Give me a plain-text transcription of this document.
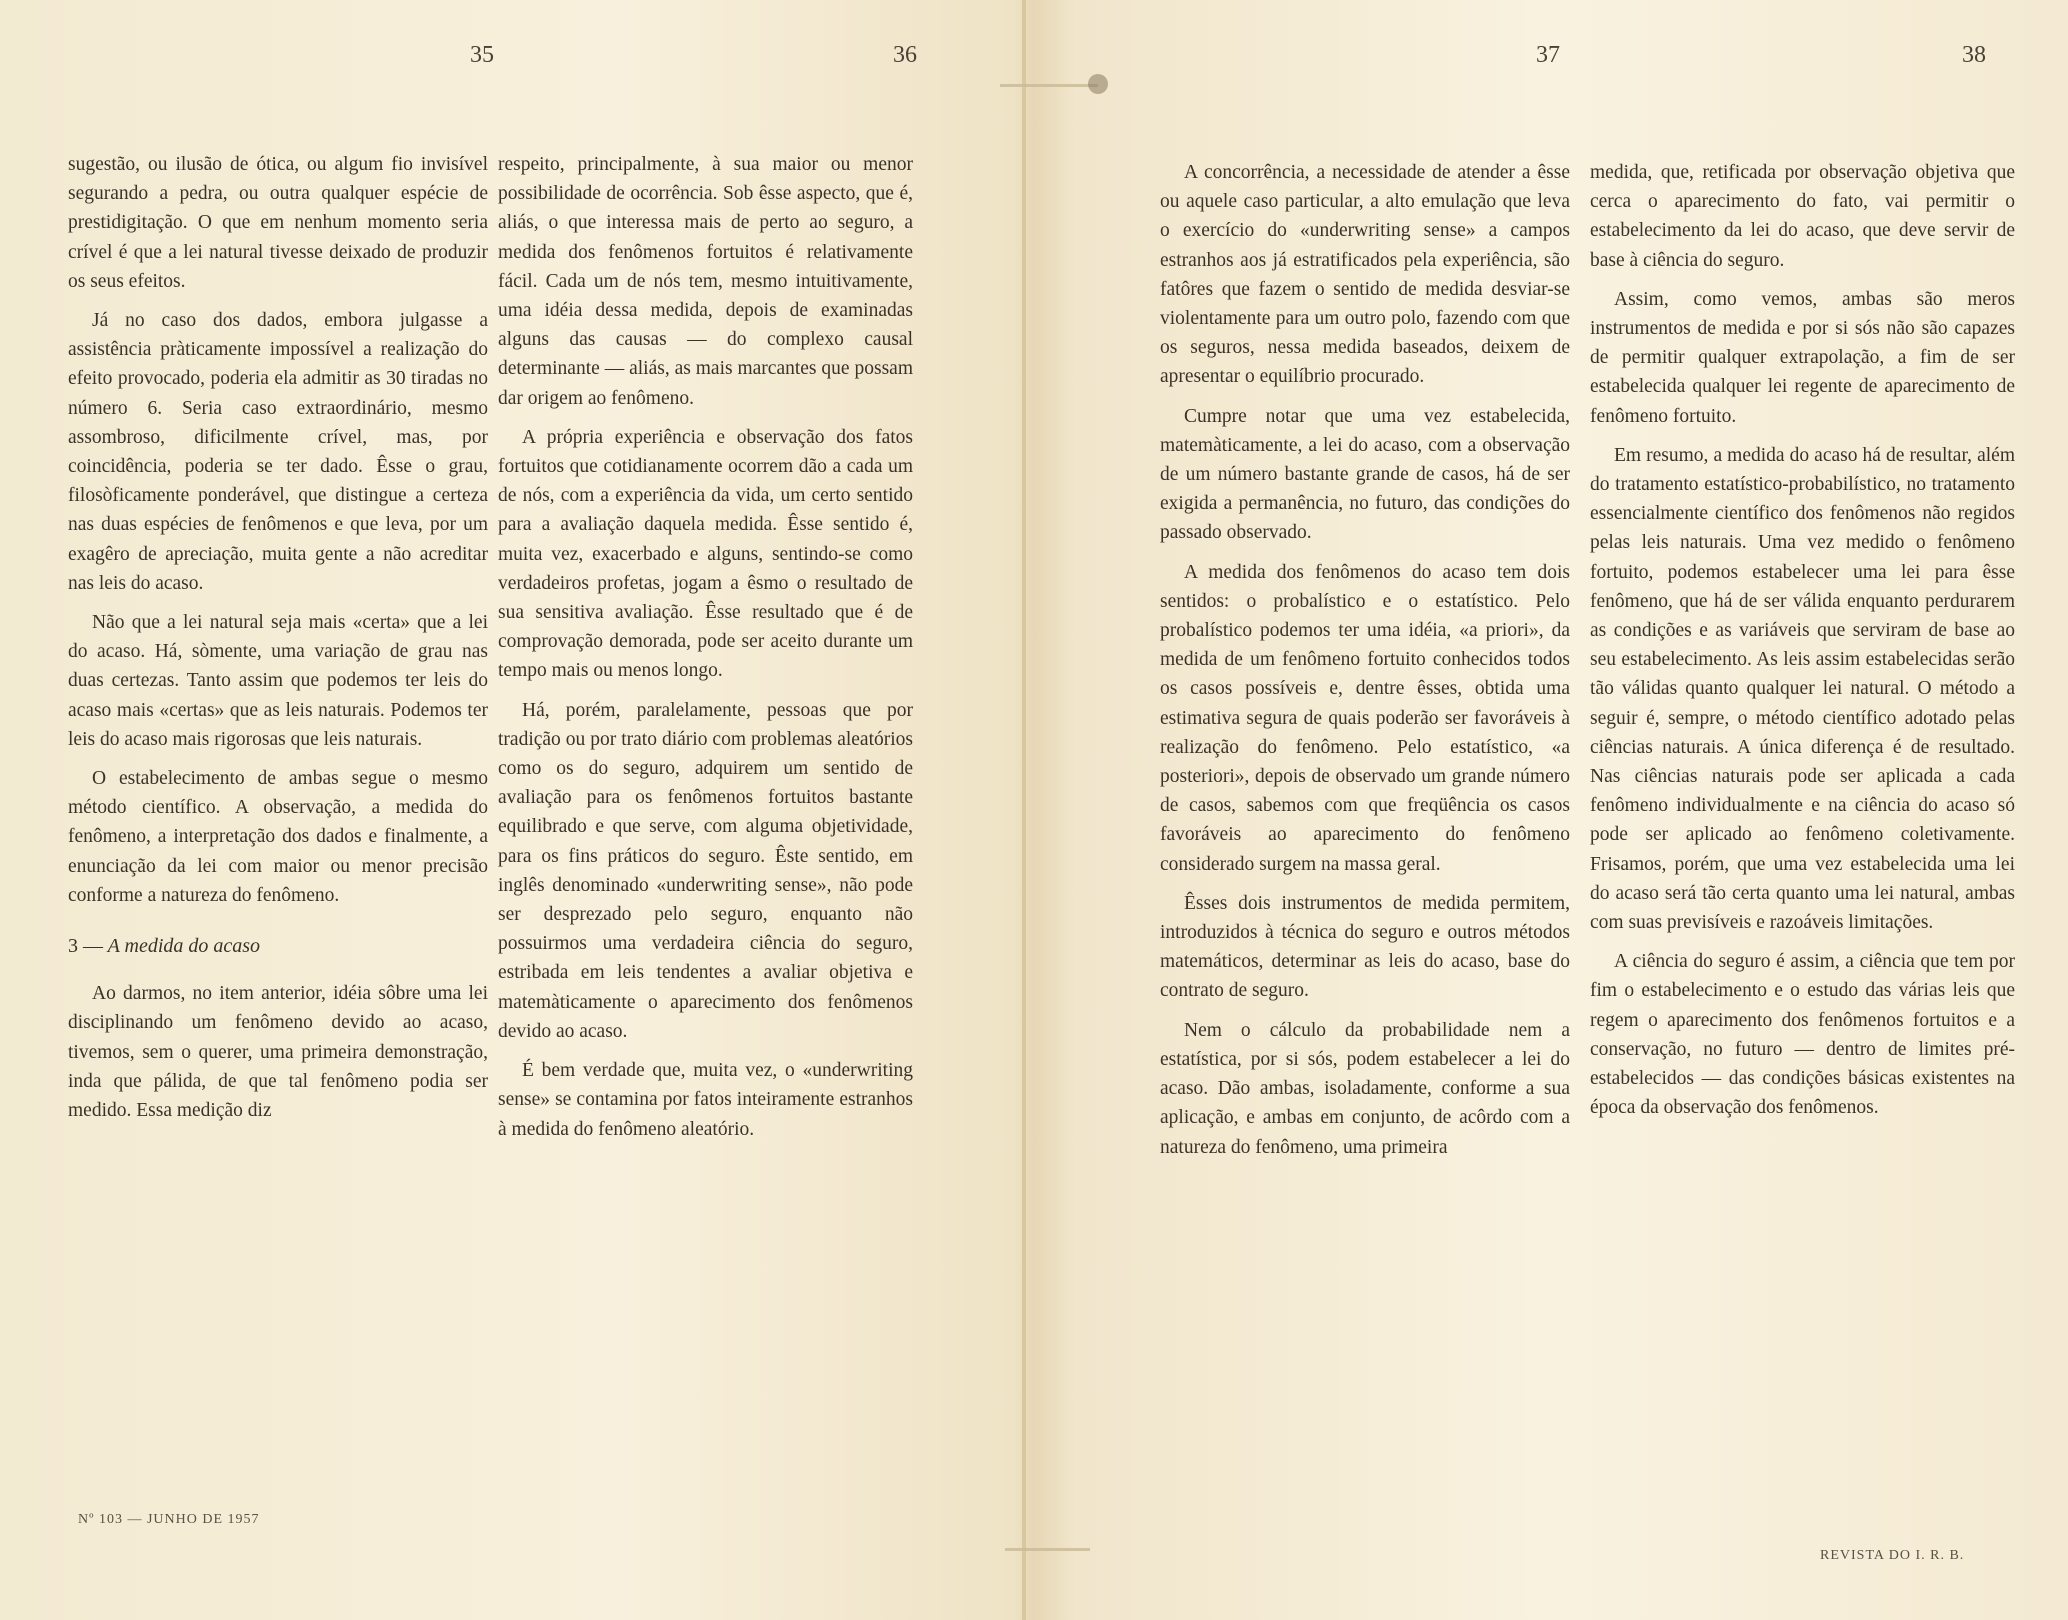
35	36	37	38

sugestão, ou ilusão de ótica, ou algum fio invisível segurando a pedra, ou outra qualquer espécie de prestidigitação. O que em nenhum momento seria crível é que a lei natural tivesse deixado de produzir os seus efeitos.

Já no caso dos dados, embora julgasse a assistência pràticamente impossível a realização do efeito provocado, poderia ela admitir as 30 tiradas no número 6. Seria caso extraordinário, mesmo assombroso, dificilmente crível, mas, por coincidência, poderia se ter dado. Êsse o grau, filosòficamente ponderável, que distingue a certeza nas duas espécies de fenômenos e que leva, por um exagêro de apreciação, muita gente a não acreditar nas leis do acaso.

Não que a lei natural seja mais «certa» que a lei do acaso. Há, sòmente, uma variação de grau nas duas certezas. Tanto assim que podemos ter leis do acaso mais «certas» que as leis naturais. Podemos ter leis do acaso mais rigorosas que leis naturais.

O estabelecimento de ambas segue o mesmo método científico. A observação, a medida do fenômeno, a interpretação dos dados e finalmente, a enunciação da lei com maior ou menor precisão conforme a natureza do fenômeno.

3 — A medida do acaso

Ao darmos, no item anterior, idéia sôbre uma lei disciplinando um fenômeno devido ao acaso, tivemos, sem o querer, uma primeira demonstração, inda que pálida, de que tal fenômeno podia ser medido. Essa medição diz

respeito, principalmente, à sua maior ou menor possibilidade de ocorrência. Sob êsse aspecto, que é, aliás, o que interessa mais de perto ao seguro, a medida dos fenômenos fortuitos é relativamente fácil. Cada um de nós tem, mesmo intuitivamente, uma idéia dessa medida, depois de examinadas alguns das causas — do complexo causal determinante — aliás, as mais marcantes que possam dar origem ao fenômeno.

A própria experiência e observação dos fatos fortuitos que cotidianamente ocorrem dão a cada um de nós, com a experiência da vida, um certo sentido para a avaliação daquela medida. Êsse sentido é, muita vez, exacerbado e alguns, sentindo-se como verdadeiros profetas, jogam a êsmo o resultado de sua sensitiva avaliação. Êsse resultado que é de comprovação demorada, pode ser aceito durante um tempo mais ou menos longo.

Há, porém, paralelamente, pessoas que por tradição ou por trato diário com problemas aleatórios como os do seguro, adquirem um sentido de avaliação para os fenômenos fortuitos bastante equilibrado e que serve, com alguma objetividade, para os fins práticos do seguro. Êste sentido, em inglês denominado «underwriting sense», não pode ser desprezado pelo seguro, enquanto não possuirmos uma verdadeira ciência do seguro, estribada em leis tendentes a avaliar objetiva e matemàticamente o aparecimento dos fenômenos devido ao acaso.

É bem verdade que, muita vez, o «underwriting sense» se contamina por fatos inteiramente estranhos à medida do fenômeno aleatório.

A concorrência, a necessidade de atender a êsse ou aquele caso particular, a alto emulação que leva o exercício do «underwriting sense» a campos estranhos aos já estratificados pela experiência, são fatôres que fazem o sentido de medida desviar-se violentamente para um outro polo, fazendo com que os seguros, nessa medida baseados, deixem de apresentar o equilíbrio procurado.

Cumpre notar que uma vez estabelecida, matemàticamente, a lei do acaso, com a observação de um número bastante grande de casos, há de ser exigida a permanência, no futuro, das condições do passado observado.

A medida dos fenômenos do acaso tem dois sentidos: o probalístico e o estatístico. Pelo probalístico podemos ter uma idéia, «a priori», da medida de um fenômeno fortuito conhecidos todos os casos possíveis e, dentre êsses, obtida uma estimativa segura de quais poderão ser favoráveis à realização do fenômeno. Pelo estatístico, «a posteriori», depois de observado um grande número de casos, sabemos com que freqüência os casos favoráveis ao aparecimento do fenômeno considerado surgem na massa geral.

Êsses dois instrumentos de medida permitem, introduzidos à técnica do seguro e outros métodos matemáticos, determinar as leis do acaso, base do contrato de seguro.

Nem o cálculo da probabilidade nem a estatística, por si sós, podem estabelecer a lei do acaso. Dão ambas, isoladamente, conforme a sua aplicação, e ambas em conjunto, de acôrdo com a natureza do fenômeno, uma primeira

medida, que, retificada por observação objetiva que cerca o aparecimento do fato, vai permitir o estabelecimento da lei do acaso, que deve servir de base à ciência do seguro.

Assim, como vemos, ambas são meros instrumentos de medida e por si sós não são capazes de permitir qualquer extrapolação, a fim de ser estabelecida qualquer lei regente de aparecimento de fenômeno fortuito.

Em resumo, a medida do acaso há de resultar, além do tratamento estatístico-probabilístico, no tratamento essencialmente científico dos fenômenos não regidos pelas leis naturais. Uma vez medido o fenômeno fortuito, podemos estabelecer uma lei para êsse fenômeno, que há de ser válida enquanto perdurarem as condições e as variáveis que serviram de base ao seu estabelecimento. As leis assim estabelecidas serão tão válidas quanto qualquer lei natural. O método a seguir é, sempre, o método científico adotado pelas ciências naturais. A única diferença é de resultado. Nas ciências naturais pode ser aplicada a cada fenômeno individualmente e na ciência do acaso só pode ser aplicado ao fenômeno coletivamente. Frisamos, porém, que uma vez estabelecida uma lei do acaso será tão certa quanto uma lei natural, ambas com suas previsíveis e razoáveis limitações.

A ciência do seguro é assim, a ciência que tem por fim o estabelecimento e o estudo das várias leis que regem o aparecimento dos fenômenos fortuitos e a conservação, no futuro — dentro de limites pré-estabelecidos — das condições básicas existentes na época da observação dos fenômenos.

Nº 103 — JUNHO DE 1957
REVISTA DO I. R. B.
